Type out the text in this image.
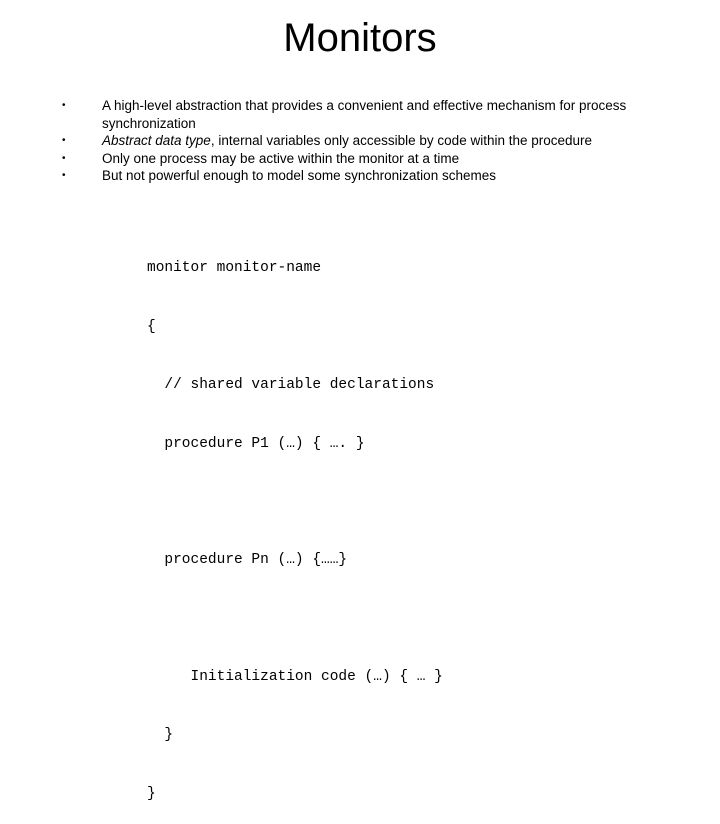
Monitors
•	A high-level abstraction that provides a convenient and effective mechanism for process synchronization
•	Abstract data type, internal variables only accessible by code within the procedure
•	Only one process may be active within the monitor at a time
•	But not powerful enough to model some synchronization schemes

monitor monitor-name

{

// shared variable declarations

procedure P1 (…) { …. }

procedure Pn (…) {……}

Initialization code (…) { … }

}

}
